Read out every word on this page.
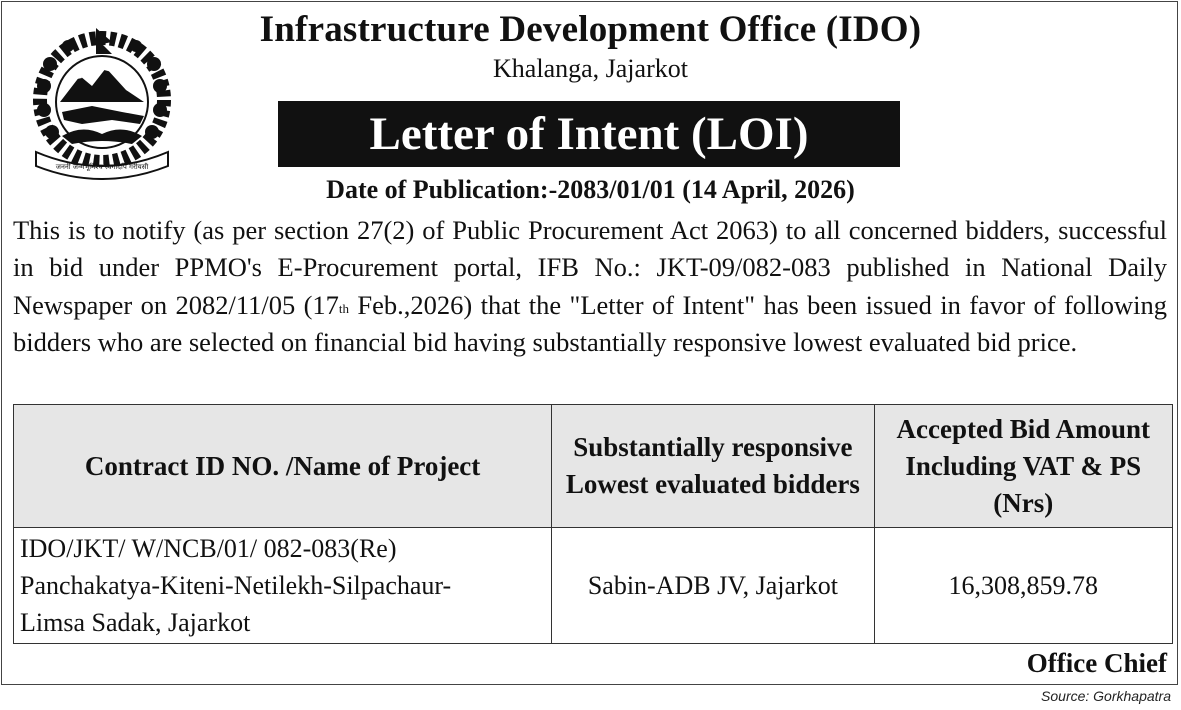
जननी जन्मभूमिश्च स्वर्गादपि गरीयसी
Infrastructure Development Office (IDO)
Khalanga, Jajarkot
Letter of Intent (LOI)
Date of Publication:-2083/01/01 (14 April, 2026)
This is to notify (as per section 27(2) of Public Procurement Act 2063) to all concerned bidders, successful in bid under PPMO's E-Procurement portal, IFB No.: JKT-09/082-083 published in National Daily Newspaper on 2082/11/05 (17th Feb.,2026) that the "Letter of Intent" has been issued in favor of following bidders who are selected on financial bid having substantially responsive lowest evaluated bid price.
Contract ID NO. /Name of Project	Substantially responsive Lowest evaluated bidders	Accepted Bid Amount Including VAT & PS (Nrs)

IDO/JKT/ W/NCB/01/ 082-083(Re)
Panchakatya-Kiteni-Netilekh-Silpachaur-
Limsa Sadak, Jajarkot	Sabin-ADB JV, Jajarkot	16,308,859.78
Office Chief
Source: Gorkhapatra
